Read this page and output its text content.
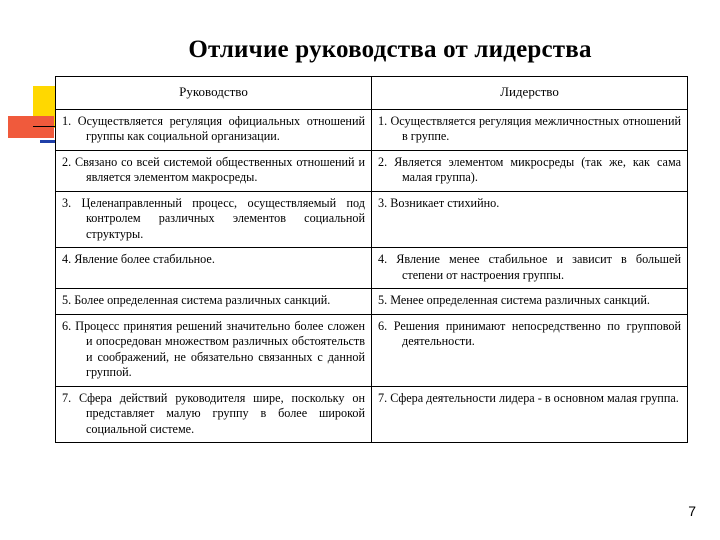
Отличие руководства от лидерства
Руководство	Лидерство

1. Осуществляется регуляция официальных отношений группы как социальной организации.	1. Осуществляется регуляция межличностных отношений в группе.

2. Связано со всей системой общественных отношений и является элементом макросреды.	2. Является элементом микросреды (так же, как сама малая группа).

3. Целенаправленный процесс, осуществляемый под контролем различных элементов социальной структуры.	3. Возникает стихийно.

4. Явление более стабильное.	4. Явление менее стабильное и зависит в большей степени от настроения группы.

5. Более определенная система различных санкций.	5. Менее определенная система различных санкций.

6. Процесс принятия решений значительно более сложен и опосредован множеством различных обстоятельств и соображений, не обязательно связанных с данной группой.	6. Решения принимают непосредственно по групповой деятельности.

7. Сфера действий руководителя шире, поскольку он представляет малую группу в более широкой социальной системе.	7. Сфера деятельности лидера - в основном малая группа.
7
